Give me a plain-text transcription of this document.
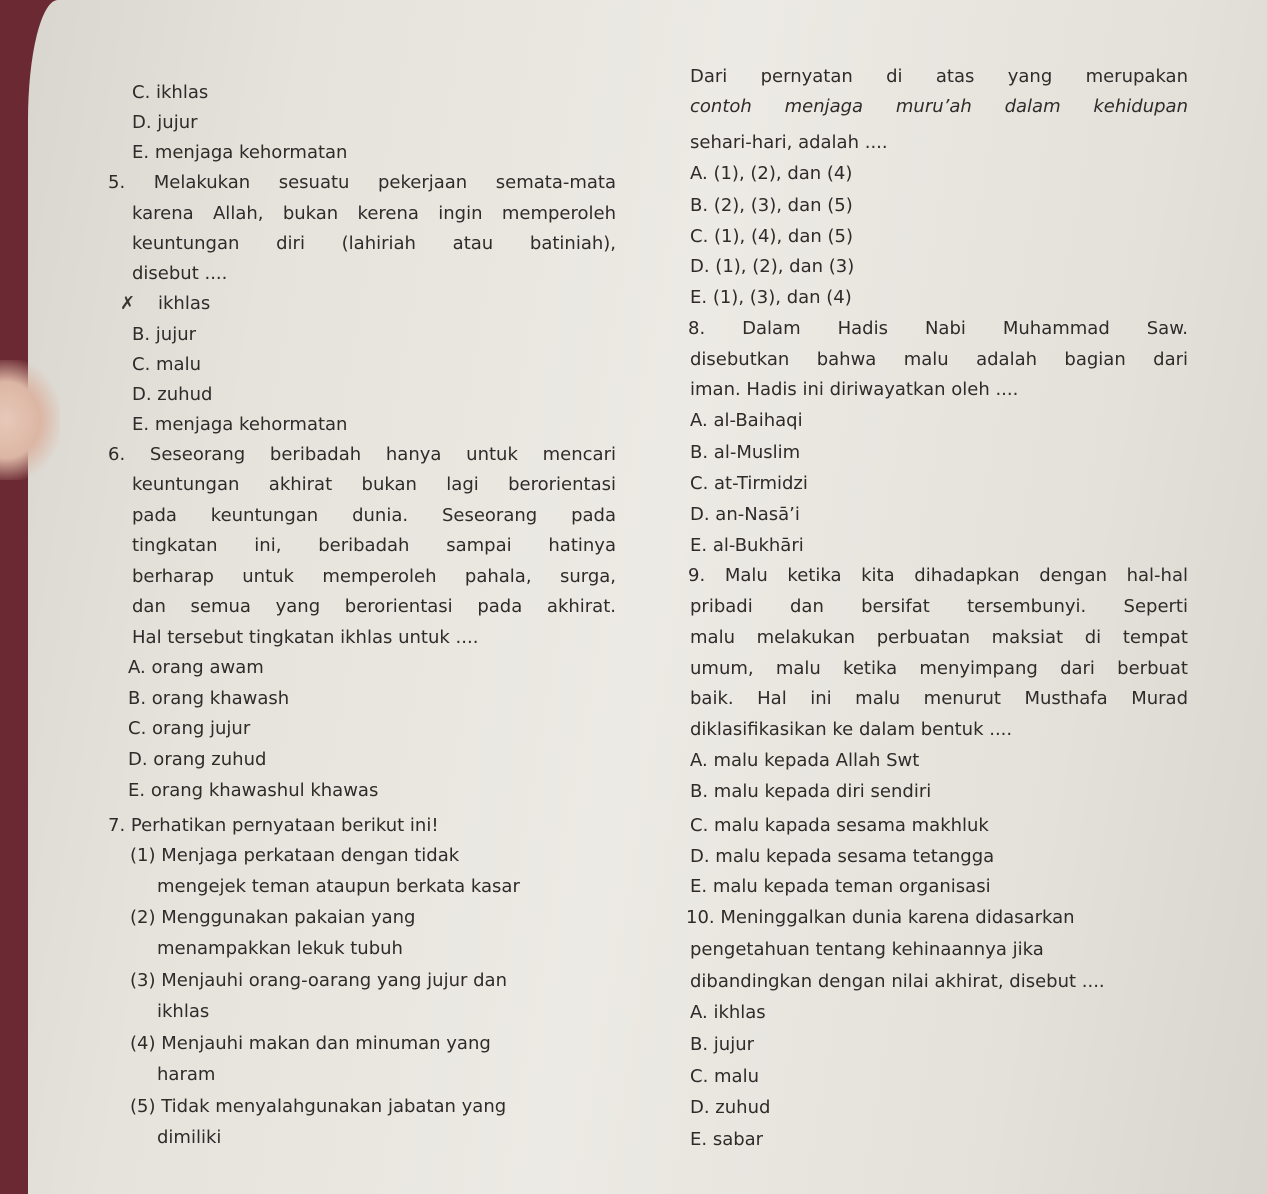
C. ikhlas
D. jujur
E. menjaga kehormatan
5. Melakukan sesuatu pekerjaan semata-mata
karena Allah, bukan kerena ingin memperoleh
keuntungan diri (lahiriah atau batiniah),
disebut ....
✗ ikhlas
B. jujur
C. malu
D. zuhud
E. menjaga kehormatan
6. Seseorang beribadah hanya untuk mencari
keuntungan akhirat bukan lagi berorientasi
pada keuntungan dunia. Seseorang pada
tingkatan ini, beribadah sampai hatinya
berharap untuk memperoleh pahala, surga,
dan semua yang berorientasi pada akhirat.
Hal tersebut tingkatan ikhlas untuk ....
A. orang awam
B. orang khawash
C. orang jujur
D. orang zuhud
E. orang khawashul khawas
7. Perhatikan pernyataan berikut ini!
(1) Menjaga perkataan dengan tidak
mengejek teman ataupun berkata kasar
(2) Menggunakan pakaian yang
menampakkan lekuk tubuh
(3) Menjauhi orang-oarang yang jujur dan
ikhlas
(4) Menjauhi makan dan minuman yang
haram
(5) Tidak menyalahgunakan jabatan yang
dimiliki
Dari pernyatan di atas yang merupakan
contoh menjaga muru’ah dalam kehidupan
sehari-hari, adalah ....
A. (1), (2), dan (4)
B. (2), (3), dan (5)
C. (1), (4), dan (5)
D. (1), (2), dan (3)
E. (1), (3), dan (4)
8. Dalam Hadis Nabi Muhammad Saw.
disebutkan bahwa malu adalah bagian dari
iman. Hadis ini diriwayatkan oleh ....
A. al-Baihaqi
B. al-Muslim
C. at-Tirmidzi
D. an-Nasā’i
E. al-Bukhāri
9. Malu ketika kita dihadapkan dengan hal-hal
pribadi dan bersifat tersembunyi. Seperti
malu melakukan perbuatan maksiat di tempat
umum, malu ketika menyimpang dari berbuat
baik. Hal ini malu menurut Musthafa Murad
diklasifikasikan ke dalam bentuk ....
A. malu kepada Allah Swt
B. malu kepada diri sendiri
C. malu kapada sesama makhluk
D. malu kepada sesama tetangga
E. malu kepada teman organisasi
10. Meninggalkan dunia karena didasarkan
pengetahuan tentang kehinaannya jika
dibandingkan dengan nilai akhirat, disebut ....
A. ikhlas
B. jujur
C. malu
D. zuhud
E. sabar
